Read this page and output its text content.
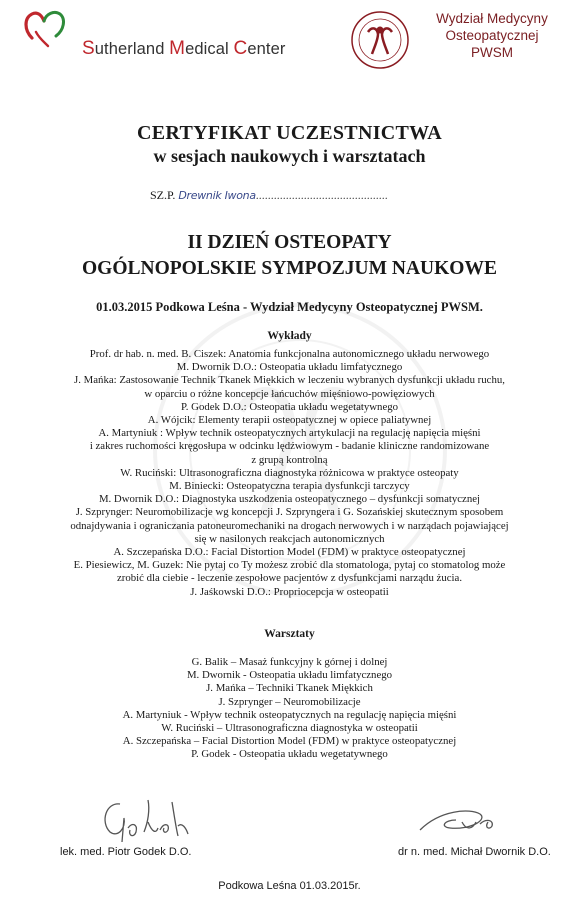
Sutherland Medical Center
Wydział Medycyny
Osteopatycznej
PWSM
CERTYFIKAT UCZESTNICTWA
w sesjach naukowych i warsztatach
SZ.P. Drewnik Iwona............................................
II DZIEŃ OSTEOPATY
OGÓLNOPOLSKIE SYMPOZJUM NAUKOWE
01.03.2015 Podkowa Leśna - Wydział Medycyny Osteopatycznej PWSM.
Wykłady
Prof. dr hab. n. med. B. Ciszek: Anatomia funkcjonalna autonomicznego układu nerwowego
M. Dwornik D.O.: Osteopatia układu limfatycznego
J. Mańka: Zastosowanie Technik Tkanek Miękkich w leczeniu wybranych dysfunkcji układu ruchu,
w oparciu o różne koncepcje łańcuchów mięśniowo-powięziowych
P. Godek D.O.: Osteopatia układu wegetatywnego
A. Wójcik: Elementy terapii osteopatycznej w opiece paliatywnej
A. Martyniuk : Wpływ technik osteopatycznych artykulacji na regulację napięcia mięśni
i zakres ruchomości kręgosłupa w odcinku lędźwiowym - badanie kliniczne randomizowane
z grupą kontrolną
W. Ruciński: Ultrasonograficzna diagnostyka różnicowa w praktyce osteopaty
M. Biniecki: Osteopatyczna terapia dysfunkcji tarczycy
M. Dwornik D.O.: Diagnostyka uszkodzenia osteopatycznego – dysfunkcji somatycznej
J. Szprynger: Neuromobilizacje wg koncepcji J. Szpryngera i G. Sozańskiej skutecznym sposobem
odnajdywania i ograniczania patoneuromechaniki na drogach nerwowych i w narządach pojawiającej
się w nasilonych reakcjach autonomicznych
A. Szczepańska D.O.: Facial Distortion Model (FDM) w praktyce osteopatycznej
E. Piesiewicz, M. Guzek: Nie pytaj co Ty możesz zrobić dla stomatologa, pytaj co stomatolog może
zrobić dla ciebie - leczenie zespołowe pacjentów z dysfunkcjami narządu żucia.
J. Jaśkowski D.O.: Propriocepcja w osteopatii
Warsztaty
G. Balik – Masaż funkcyjny k górnej i dolnej
M. Dwornik - Osteopatia układu limfatycznego
J. Mańka – Techniki Tkanek Miękkich
J. Szprynger – Neuromobilizacje
A. Martyniuk - Wpływ technik osteopatycznych na regulację napięcia mięśni
W. Ruciński – Ultrasonograficzna diagnostyka w osteopatii
A. Szczepańska – Facial Distortion Model (FDM) w praktyce osteopatycznej
P. Godek - Osteopatia układu wegetatywnego
lek. med. Piotr Godek D.O.	dr n. med. Michał Dwornik D.O.
Podkowa Leśna 01.03.2015r.
